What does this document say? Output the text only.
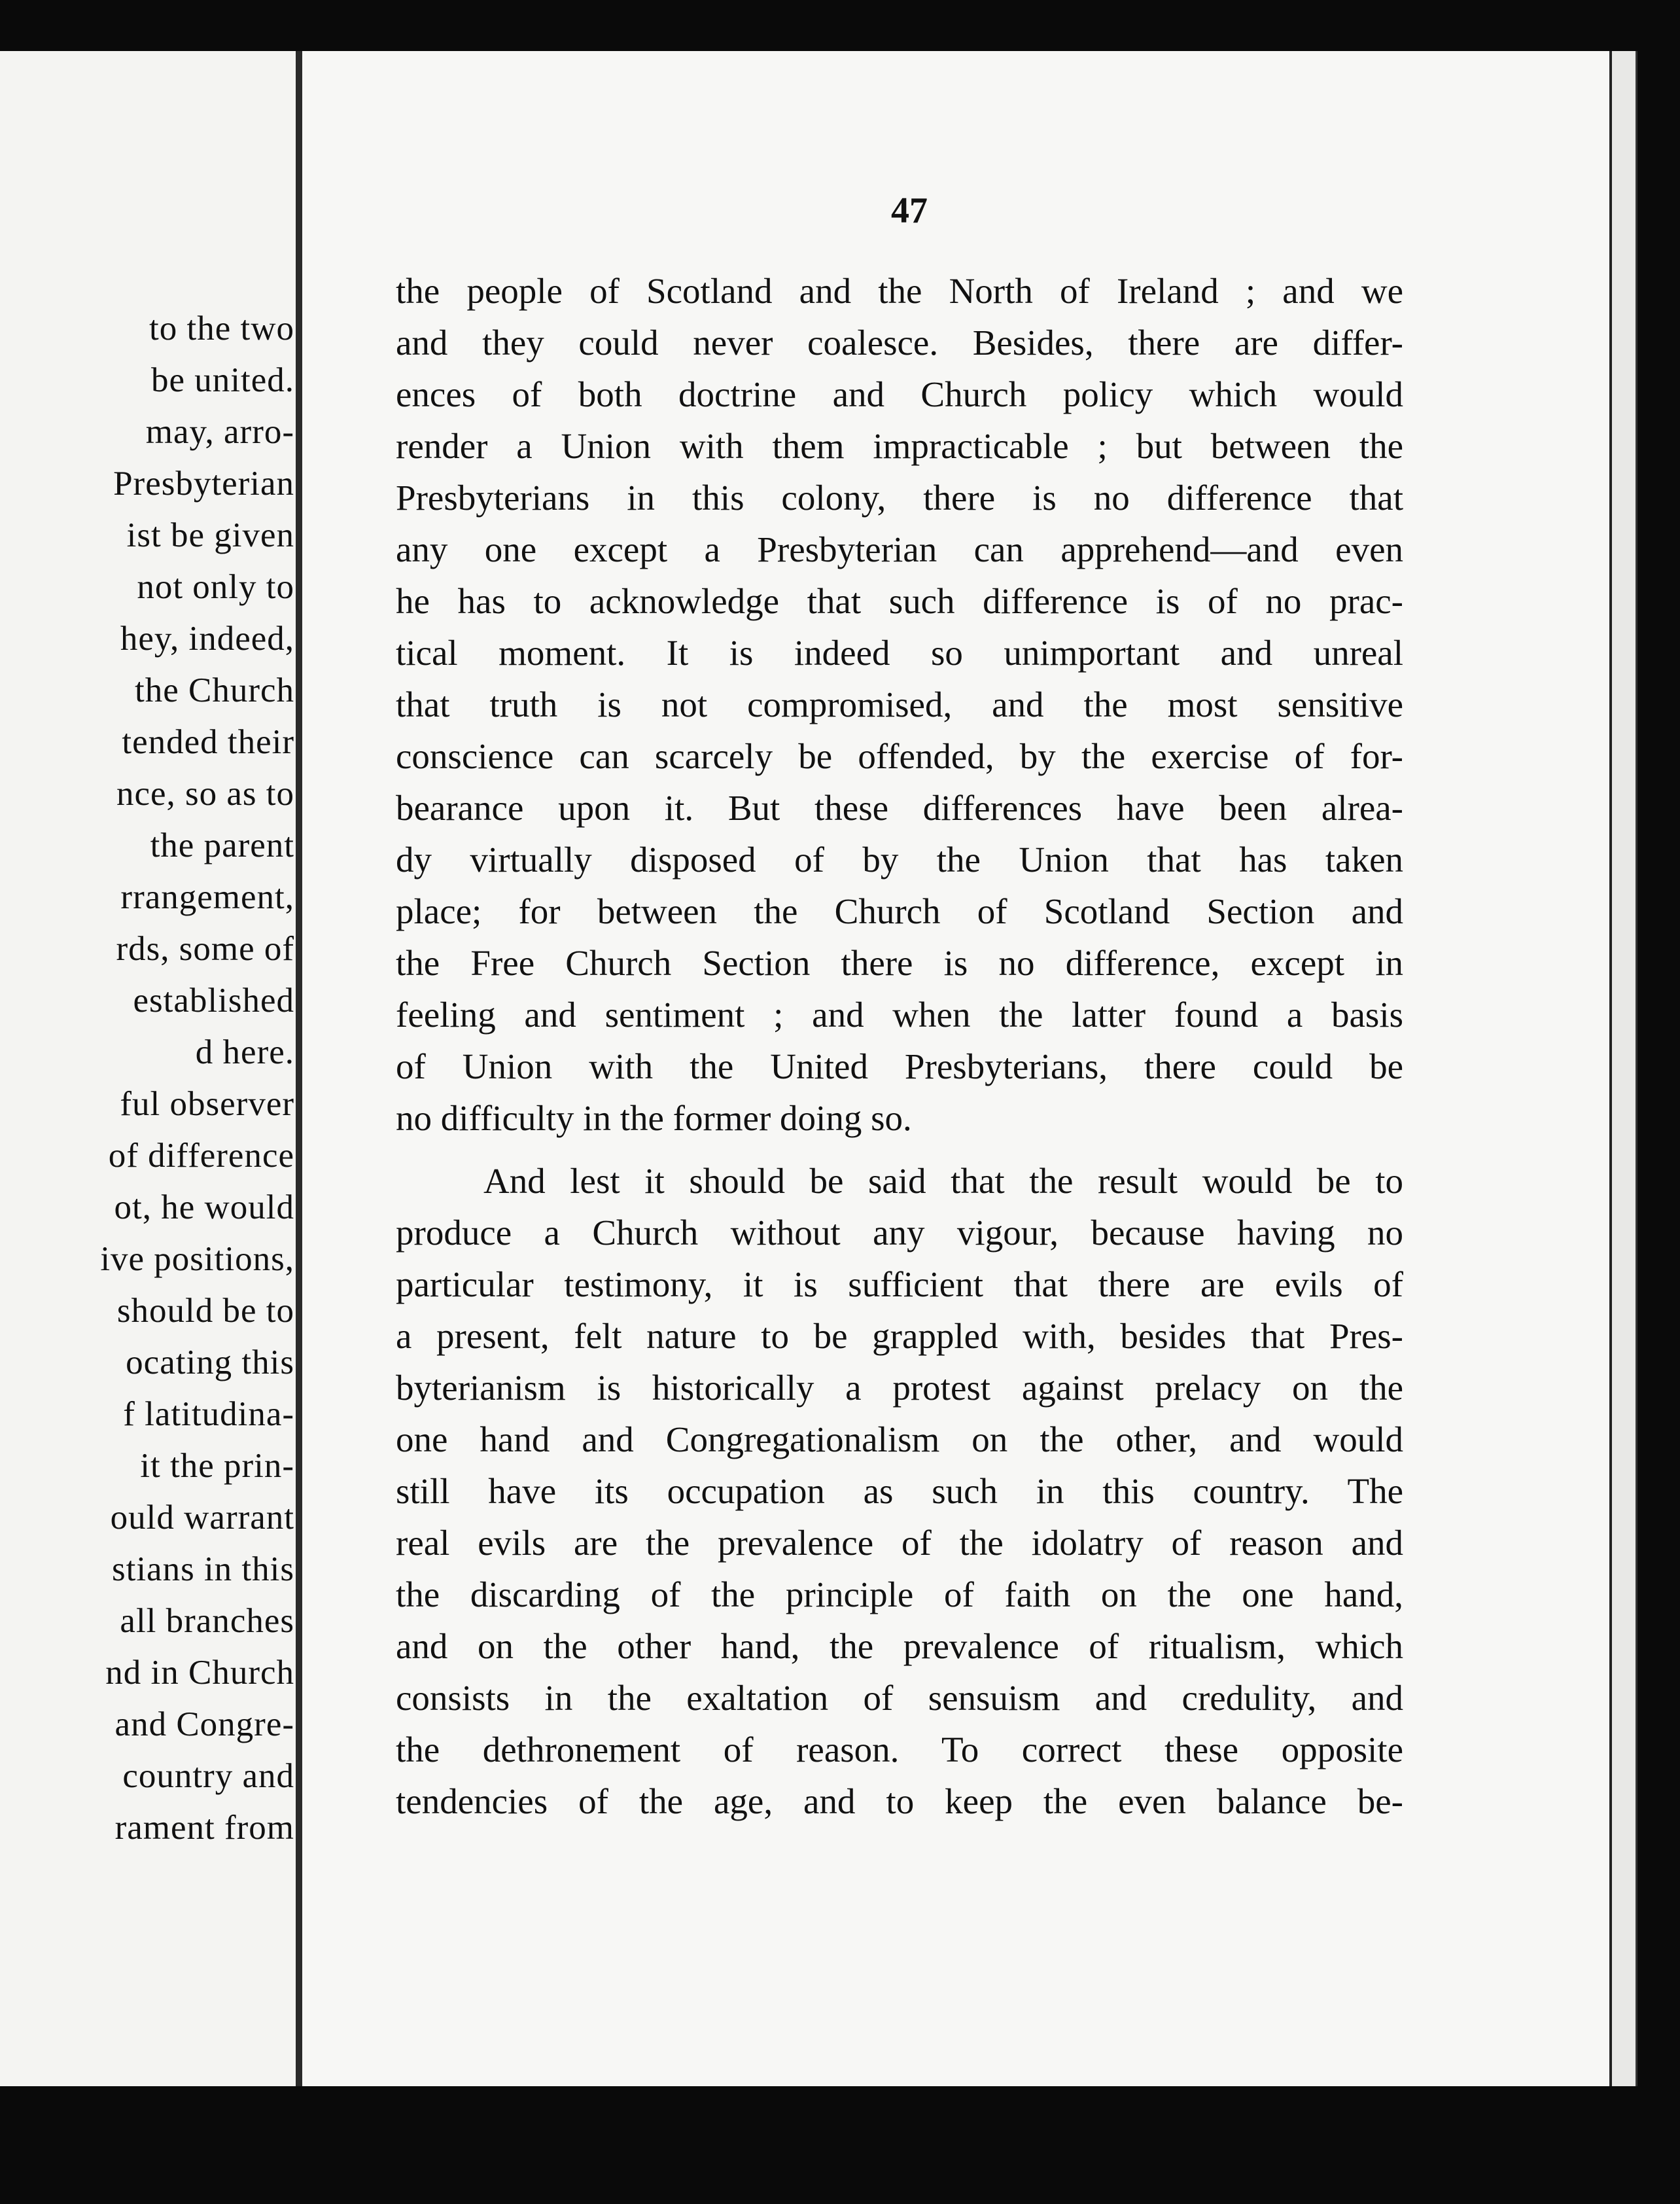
to the two
be united.
may, arro-
Presbyterian
ist be given
not only to
hey, indeed,
the Church
tended their
nce, so as to
the parent
rrangement,
rds, some of
established
d here.
ful observer
of difference
ot, he would
ive positions,
should be to
ocating this
f latitudina-
it the prin-
ould warrant
stians in this
all branches
nd in Church
and Congre-
country and
rament from
47
the people of Scotland and the North of Ireland ; and we
and they could never coalesce. Besides, there are differ-
ences of both doctrine and Church policy which would
render a Union with them impracticable ; but between the
Presbyterians in this colony, there is no difference that
any one except a Presbyterian can apprehend—and even
he has to acknowledge that such difference is of no prac-
tical moment. It is indeed so unimportant and unreal
that truth is not compromised, and the most sensitive
conscience can scarcely be offended, by the exercise of for-
bearance upon it. But these differences have been alrea-
dy virtually disposed of by the Union that has taken
place; for between the Church of Scotland Section and
the Free Church Section there is no difference, except in
feeling and sentiment ; and when the latter found a basis
of Union with the United Presbyterians, there could be
no difficulty in the former doing so.
And lest it should be said that the result would be to
produce a Church without any vigour, because having no
particular testimony, it is sufficient that there are evils of
a present, felt nature to be grappled with, besides that Pres-
byterianism is historically a protest against prelacy on the
one hand and Congregationalism on the other, and would
still have its occupation as such in this country. The
real evils are the prevalence of the idolatry of reason and
the discarding of the principle of faith on the one hand,
and on the other hand, the prevalence of ritualism, which
consists in the exaltation of sensuism and credulity, and
the dethronement of reason. To correct these opposite
tendencies of the age, and to keep the even balance be-
